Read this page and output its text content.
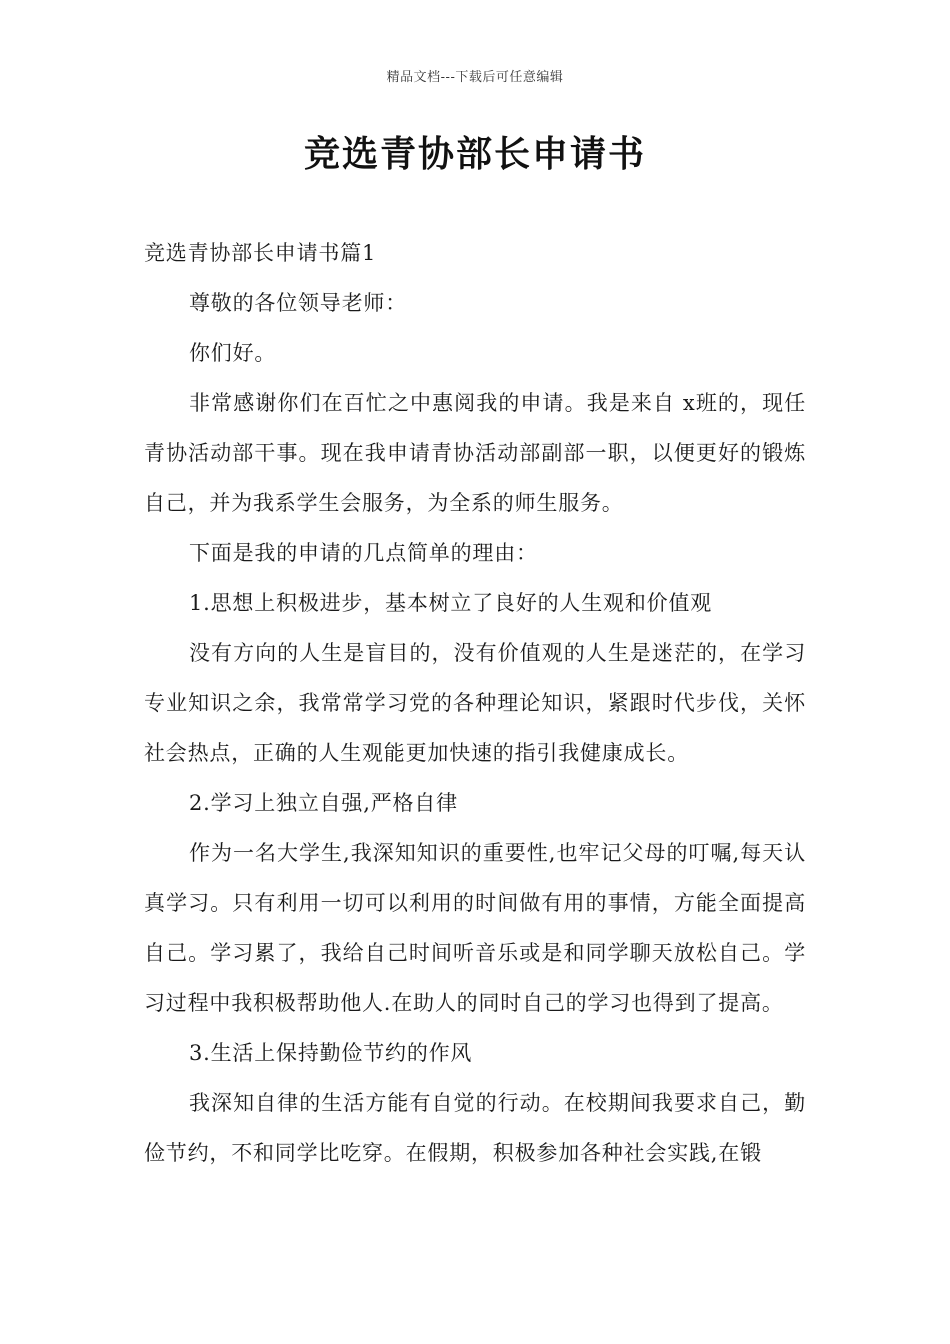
精品文档---下载后可任意编辑
竞选青协部长申请书

竞选青协部长申请书篇1

尊敬的各位领导老师：

你们好。

非常感谢你们在百忙之中惠阅我的申请。我是来自 x班的，现任青协活动部干事。现在我申请青协活动部副部一职，以便更好的锻炼自己，并为我系学生会服务，为全系的师生服务。

下面是我的申请的几点简单的理由：

1.思想上积极进步，基本树立了良好的人生观和价值观

没有方向的人生是盲目的，没有价值观的人生是迷茫的，在学习专业知识之余，我常常学习党的各种理论知识，紧跟时代步伐，关怀社会热点，正确的人生观能更加快速的指引我健康成长。

2.学习上独立自强,严格自律

作为一名大学生,我深知知识的重要性,也牢记父母的叮嘱,每天认真学习。只有利用一切可以利用的时间做有用的事情，方能全面提高自己。学习累了，我给自己时间听音乐或是和同学聊天放松自己。学习过程中我积极帮助他人.在助人的同时自己的学习也得到了提高。

3.生活上保持勤俭节约的作风

我深知自律的生活方能有自觉的行动。在校期间我要求自己，勤俭节约，不和同学比吃穿。在假期，积极参加各种社会实践,在锻
